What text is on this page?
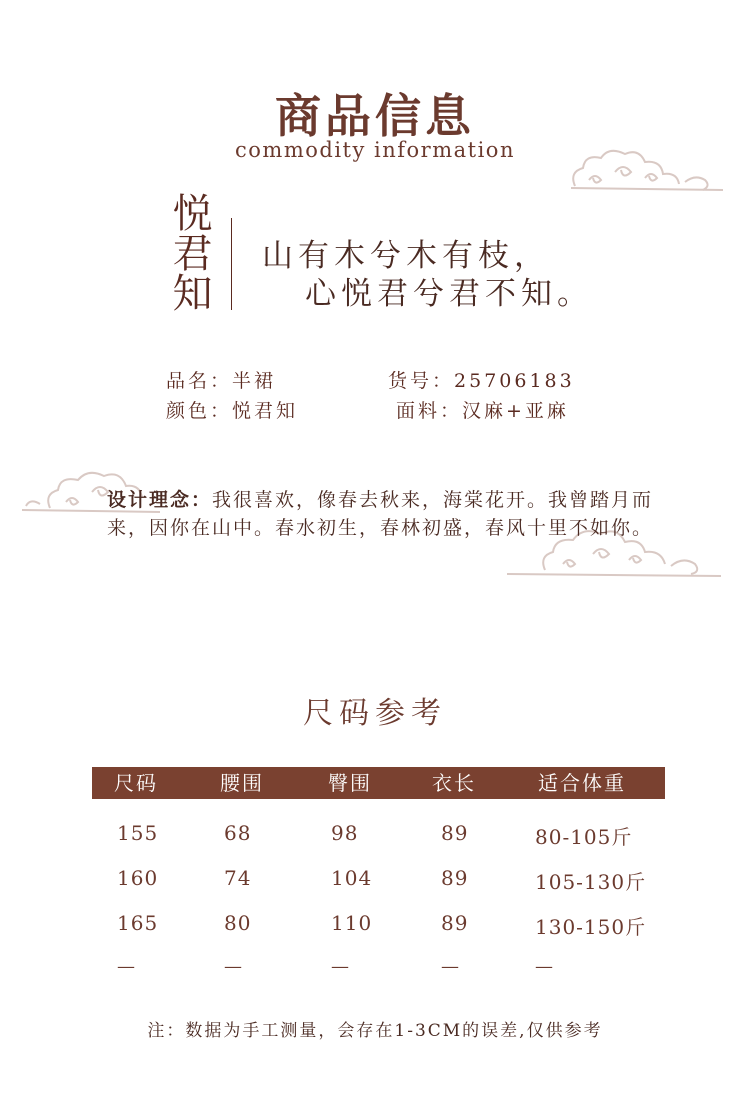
商品信息
commodity information
悦君知 山有木兮木有枝，
心悦君兮君不知。
品名：半裙	货号：25706183
颜色：悦君知	面料：汉麻+亚麻
设计理念：我很喜欢，像春去秋来，海棠花开。我曾踏月而来，因你在山中。春水初生，春林初盛，春风十里不如你。
尺码参考
尺码	腰围	臀围	衣长	适合体重
155	68	98	89	80-105斤
160	74	104	89	105-130斤
165	80	110	89	130-150斤
—	—	—	—	—
注：数据为手工测量，会存在1-3CM的误差,仅供参考
